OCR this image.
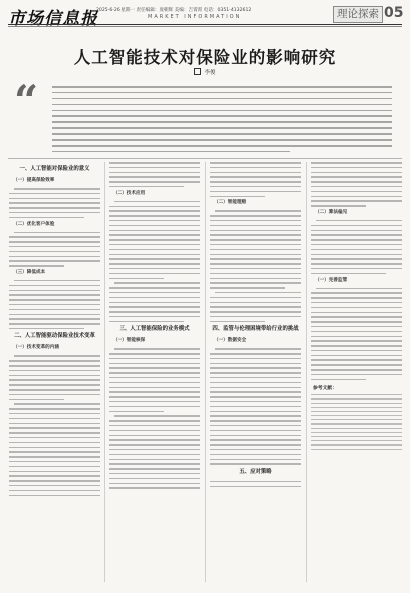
市场信息报
2025-6-26 星期一 责任编辑：庞朝辉 美编：吉霄霄 电话：0351-4132612
MARKET INFORMATION	理论探索 05
人工智能技术对保险业的影响研究
李俊
“
一、人工智能对保险业的意义
（一）提高保险效率
（二）优化客户体验
（三）降低成本
二、人工智能驱动保险业技术变革
（一）技术变革的内涵
（二）技术应用
三、人工智能保险的业务模式
（一）智能核保
（二）智能理赔
四、监管与伦理困境带给行业的挑战
（一）数据安全
五、应对策略
（二）算法偏见
（一）完善监管
参考文献：
